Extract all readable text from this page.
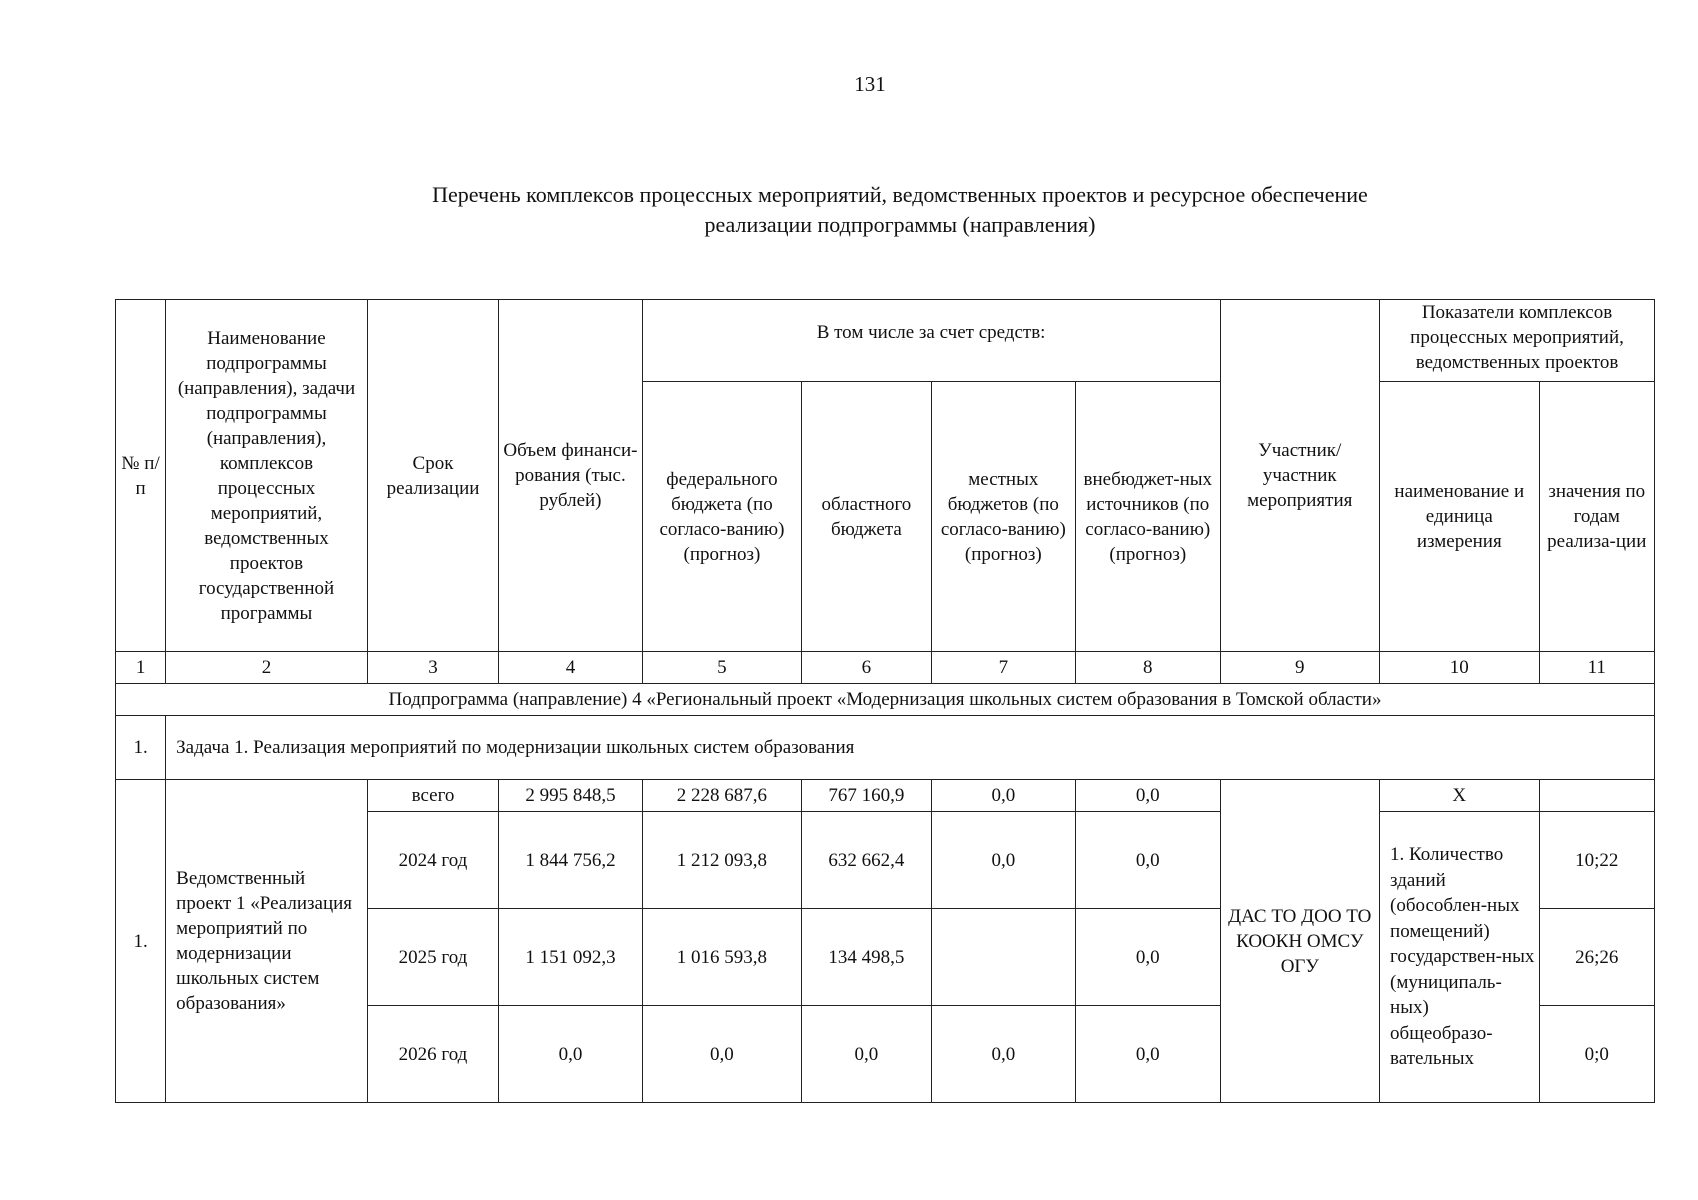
131
Перечень комплексов процессных мероприятий, ведомственных проектов и ресурсное обеспечение
реализации подпрограммы (направления)
№ п/п	Наименование подпрограммы (направления), задачи подпрограммы (направления), комплексов процессных мероприятий, ведомственных проектов государственной программы	Срок реализации	Объем финанси-рования (тыс. рублей)	В том числе за счет средств:				Участник/ участник мероприятия	Показатели комплексов процессных мероприятий, ведомственных проектов	
				федерального бюджета (по согласо-ванию) (прогноз)	областного бюджета	местных бюджетов (по согласо-ванию) (прогноз)	внебюджет-ных источников (по согласо-ванию) (прогноз)		наименование и единица измерения	значения по годам реализа-ции
1	2	3	4	5	6	7	8	9	10	11
Подпрограмма (направление) 4 «Региональный проект «Модернизация школьных систем образования в Томской области»										
1.	Задача 1. Реализация мероприятий по модернизации школьных систем образования									
1.	Ведомственный проект 1 «Реализация мероприятий по модернизации школьных систем образования»	всего	2 995 848,5	2 228 687,6	767 160,9	0,0	0,0	ДАС ТО ДОО ТО КООКН ОМСУ ОГУ	Х	
		2024 год	1 844 756,2	1 212 093,8	632 662,4	0,0	0,0		1. Количество зданий (обособлен-ных помещений) государствен-ных (муниципаль-ных) общеобразо-вательных	10;22
		2025 год	1 151 092,3	1 016 593,8	134 498,5		0,0			26;26
		2026 год	0,0	0,0	0,0	0,0	0,0			0;0
